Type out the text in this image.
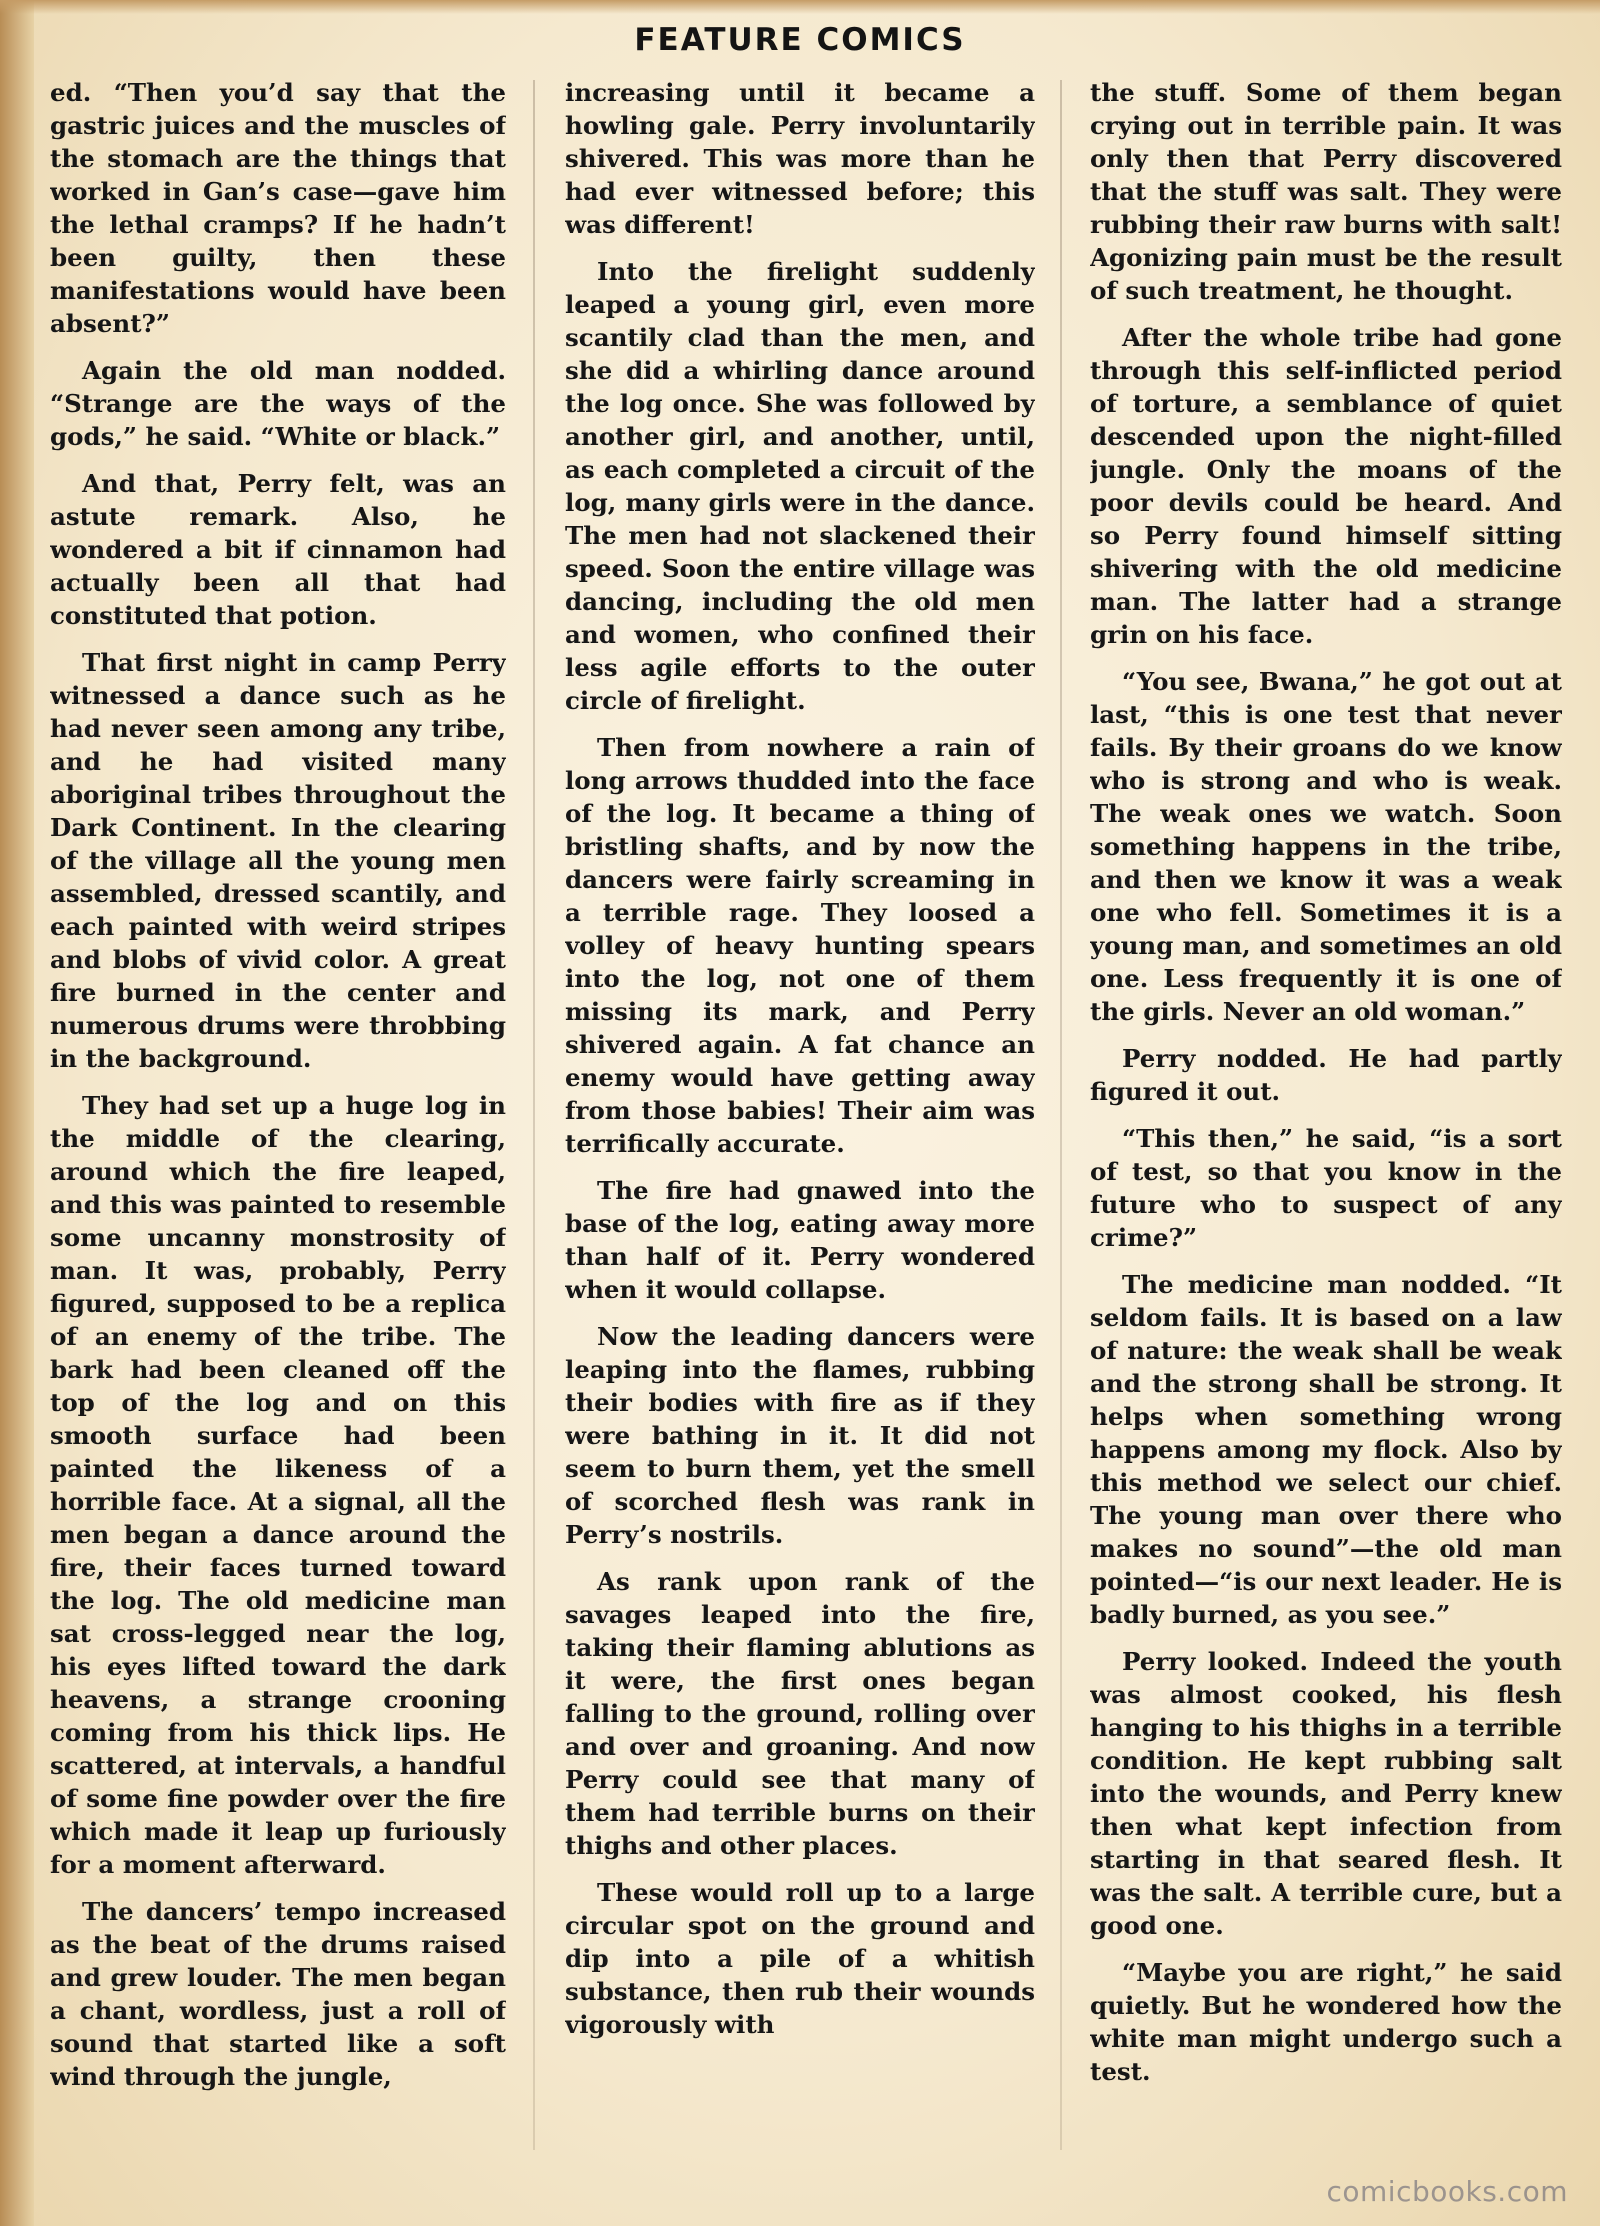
FEATURE COMICS

ed. “Then you’d say that the gastric juices and the muscles of the stomach are the things that worked in Gan’s case—gave him the lethal cramps? If he hadn’t been guilty, then these manifestations would have been absent?”

Again the old man nodded. “Strange are the ways of the gods,” he said. “White or black.”

And that, Perry felt, was an astute remark. Also, he wondered a bit if cinnamon had actually been all that had constituted that potion.

That first night in camp Perry witnessed a dance such as he had never seen among any tribe, and he had visited many aboriginal tribes throughout the Dark Continent. In the clearing of the village all the young men assembled, dressed scantily, and each painted with weird stripes and blobs of vivid color. A great fire burned in the center and numerous drums were throbbing in the background.

They had set up a huge log in the middle of the clearing, around which the fire leaped, and this was painted to resemble some uncanny monstrosity of man. It was, probably, Perry figured, supposed to be a replica of an enemy of the tribe. The bark had been cleaned off the top of the log and on this smooth surface had been painted the likeness of a horrible face. At a signal, all the men began a dance around the fire, their faces turned toward the log. The old medicine man sat cross-legged near the log, his eyes lifted toward the dark heavens, a strange crooning coming from his thick lips. He scattered, at intervals, a handful of some fine powder over the fire which made it leap up furiously for a moment afterward.

The dancers’ tempo increased as the beat of the drums raised and grew louder. The men began a chant, wordless, just a roll of sound that started like a soft wind through the jungle,

increasing until it became a howling gale. Perry involuntarily shivered. This was more than he had ever witnessed before; this was different!

Into the firelight suddenly leaped a young girl, even more scantily clad than the men, and she did a whirling dance around the log once. She was followed by another girl, and another, until, as each completed a circuit of the log, many girls were in the dance. The men had not slackened their speed. Soon the entire village was dancing, including the old men and women, who confined their less agile efforts to the outer circle of firelight.

Then from nowhere a rain of long arrows thudded into the face of the log. It became a thing of bristling shafts, and by now the dancers were fairly screaming in a terrible rage. They loosed a volley of heavy hunting spears into the log, not one of them missing its mark, and Perry shivered again. A fat chance an enemy would have getting away from those babies! Their aim was terrifically accurate.

The fire had gnawed into the base of the log, eating away more than half of it. Perry wondered when it would collapse.

Now the leading dancers were leaping into the flames, rubbing their bodies with fire as if they were bathing in it. It did not seem to burn them, yet the smell of scorched flesh was rank in Perry’s nostrils.

As rank upon rank of the savages leaped into the fire, taking their flaming ablutions as it were, the first ones began falling to the ground, rolling over and over and groaning. And now Perry could see that many of them had terrible burns on their thighs and other places.

These would roll up to a large circular spot on the ground and dip into a pile of a whitish substance, then rub their wounds vigorously with

the stuff. Some of them began crying out in terrible pain. It was only then that Perry discovered that the stuff was salt. They were rubbing their raw burns with salt! Agonizing pain must be the result of such treatment, he thought.

After the whole tribe had gone through this self-inflicted period of torture, a semblance of quiet descended upon the night-filled jungle. Only the moans of the poor devils could be heard. And so Perry found himself sitting shivering with the old medicine man. The latter had a strange grin on his face.

“You see, Bwana,” he got out at last, “this is one test that never fails. By their groans do we know who is strong and who is weak. The weak ones we watch. Soon something happens in the tribe, and then we know it was a weak one who fell. Sometimes it is a young man, and sometimes an old one. Less frequently it is one of the girls. Never an old woman.”

Perry nodded. He had partly figured it out.

“This then,” he said, “is a sort of test, so that you know in the future who to suspect of any crime?”

The medicine man nodded. “It seldom fails. It is based on a law of nature: the weak shall be weak and the strong shall be strong. It helps when something wrong happens among my flock. Also by this method we select our chief. The young man over there who makes no sound”—the old man pointed—“is our next leader. He is badly burned, as you see.”

Perry looked. Indeed the youth was almost cooked, his flesh hanging to his thighs in a terrible condition. He kept rubbing salt into the wounds, and Perry knew then what kept infection from starting in that seared flesh. It was the salt. A terrible cure, but a good one.

“Maybe you are right,” he said quietly. But he wondered how the white man might undergo such a test.

comicbooks.com
